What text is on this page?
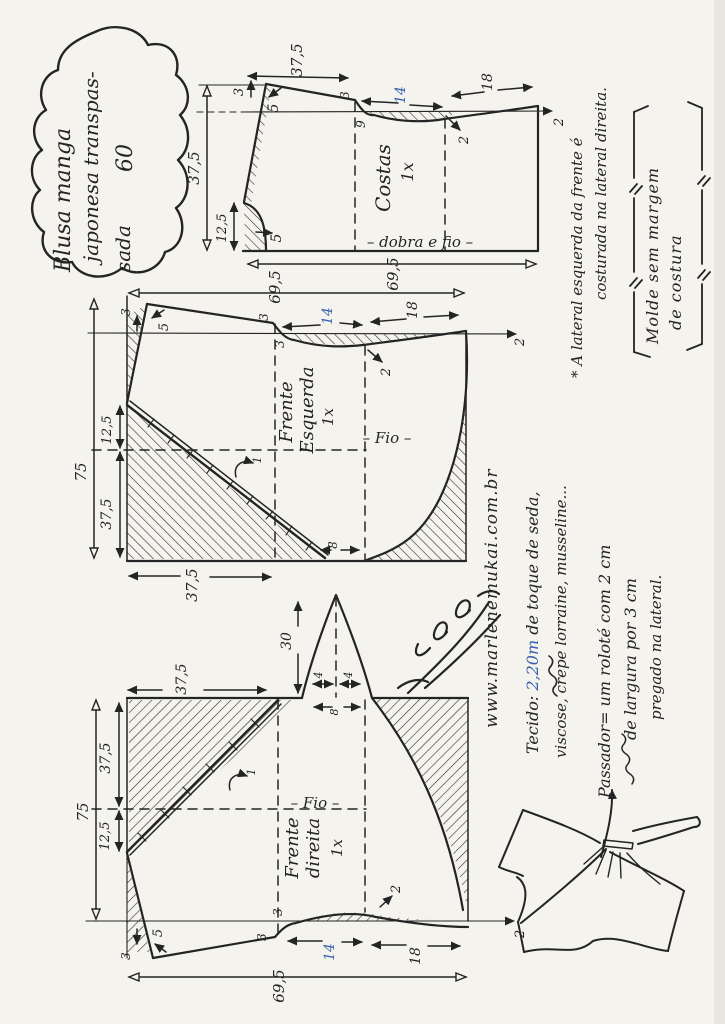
Blusa manga japonesa transpas- sada
60
37,5
37,5
12,5
3
5
5
3
9
14
18
2
2
Costas 1x
– dobra e fio –
69,5
69,5
3
5
3
3
14	18
2
2
75
12,5
37,5
37,5
8
1
Frente Esquerda 1x
– Fio –
37,5
30
4 4
8
75
37,5
12,5
3
5
3
3
14	18
2
2
1
69,5
Frente direita 1x
– Fio –
* A lateral esquerda da frente é costurada na lateral direita. Molde sem margem de costura
www.marlenemukai.com.br Tecido: 2,20m de toque de seda, viscose, crepe lorraine, musseline... Passador= um roloté com 2 cm de largura por 3 cm pregado na lateral.
